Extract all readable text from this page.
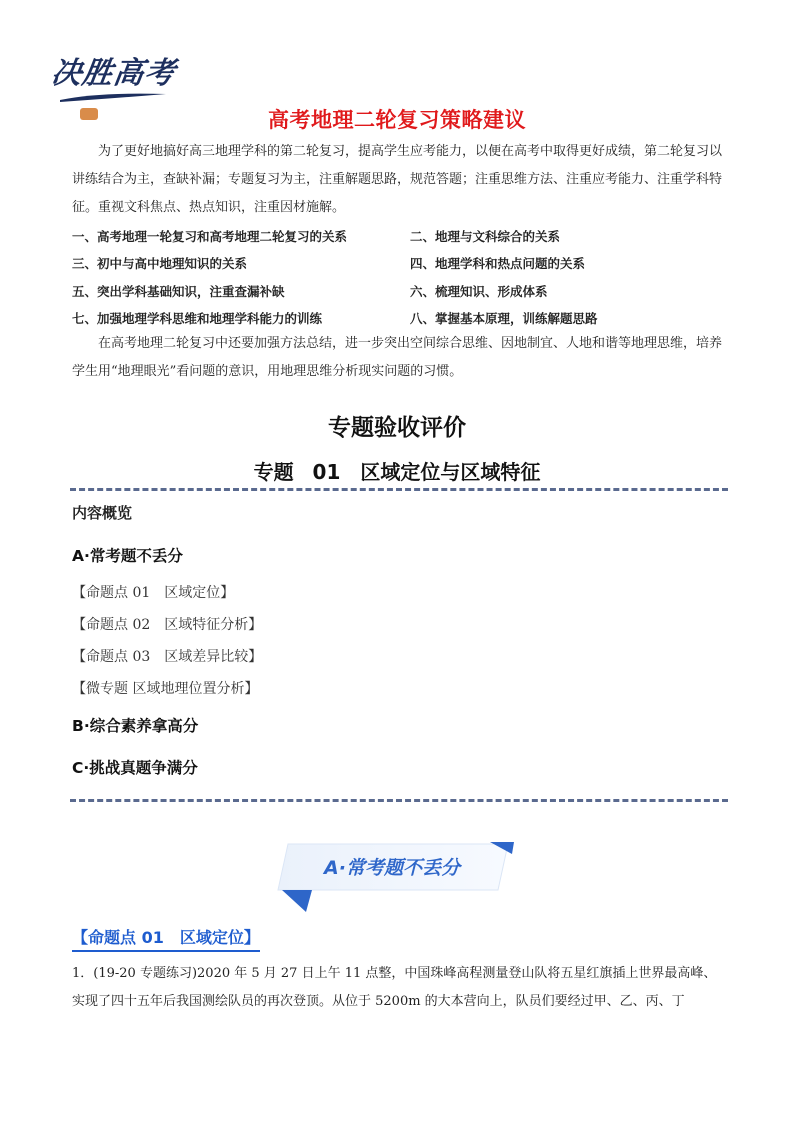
决胜高考
高考地理二轮复习策略建议

为了更好地搞好高三地理学科的第二轮复习，提高学生应考能力，以便在高考中取得更好成绩，第二轮复习以讲练结合为主，查缺补漏；专题复习为主，注重解题思路，规范答题；注重思维方法、注重应考能力、注重学科特征。重视文科焦点、热点知识，注重因材施解。

一、高考地理一轮复习和高考地理二轮复习的关系	二、地理与文科综合的关系
三、初中与高中地理知识的关系	四、地理学科和热点问题的关系
五、突出学科基础知识，注重查漏补缺	六、梳理知识、形成体系
七、加强地理学科思维和地理学科能力的训练	八、掌握基本原理，训练解题思路

在高考地理二轮复习中还要加强方法总结，进一步突出空间综合思维、因地制宜、人地和谐等地理思维，培养学生用“地理眼光”看问题的意识，用地理思维分析现实问题的习惯。

专题验收评价
专题 01　区域定位与区域特征
内容概览
A·常考题不丢分
【命题点 01　区域定位】
【命题点 02　区域特征分析】
【命题点 03　区域差异比较】
【微专题 区域地理位置分析】
B·综合素养拿高分
C·挑战真题争满分
A·常考题不丢分
【命题点 01　区域定位】

1．(19-20 专题练习)2020 年 5 月 27 日上午 11 点整，中国珠峰高程测量登山队将五星红旗插上世界最高峰、实现了四十五年后我国测绘队员的再次登顶。从位于 5200m 的大本营向上，队员们要经过甲、乙、丙、丁
